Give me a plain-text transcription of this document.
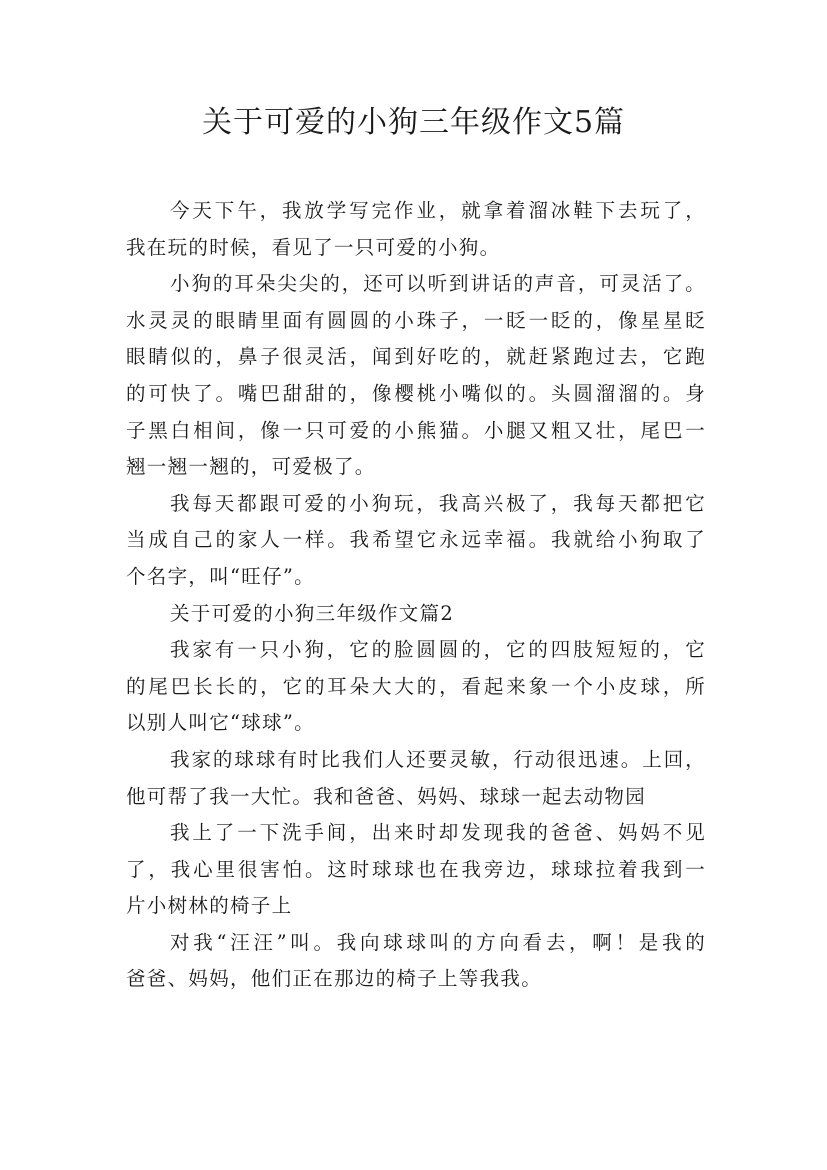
关于可爱的小狗三年级作文5篇
今天下午，我放学写完作业，就拿着溜冰鞋下去玩了，
我在玩的时候，看见了一只可爱的小狗。
小狗的耳朵尖尖的，还可以听到讲话的声音，可灵活了。
水灵灵的眼睛里面有圆圆的小珠子，一眨一眨的，像星星眨
眼睛似的，鼻子很灵活，闻到好吃的，就赶紧跑过去，它跑
的可快了。嘴巴甜甜的，像樱桃小嘴似的。头圆溜溜的。身
子黑白相间，像一只可爱的小熊猫。小腿又粗又壮，尾巴一
翘一翘一翘的，可爱极了。
我每天都跟可爱的小狗玩，我高兴极了，我每天都把它
当成自己的家人一样。我希望它永远幸福。我就给小狗取了
个名字，叫“旺仔”。
关于可爱的小狗三年级作文篇2
我家有一只小狗，它的脸圆圆的，它的四肢短短的，它
的尾巴长长的，它的耳朵大大的，看起来象一个小皮球，所
以别人叫它“球球”。
我家的球球有时比我们人还要灵敏，行动很迅速。上回，
他可帮了我一大忙。我和爸爸、妈妈、球球一起去动物园
我上了一下洗手间，出来时却发现我的爸爸、妈妈不见
了，我心里很害怕。这时球球也在我旁边，球球拉着我到一
片小树林的椅子上
对我“汪汪”叫。我向球球叫的方向看去，啊！是我的
爸爸、妈妈，他们正在那边的椅子上等我我。
